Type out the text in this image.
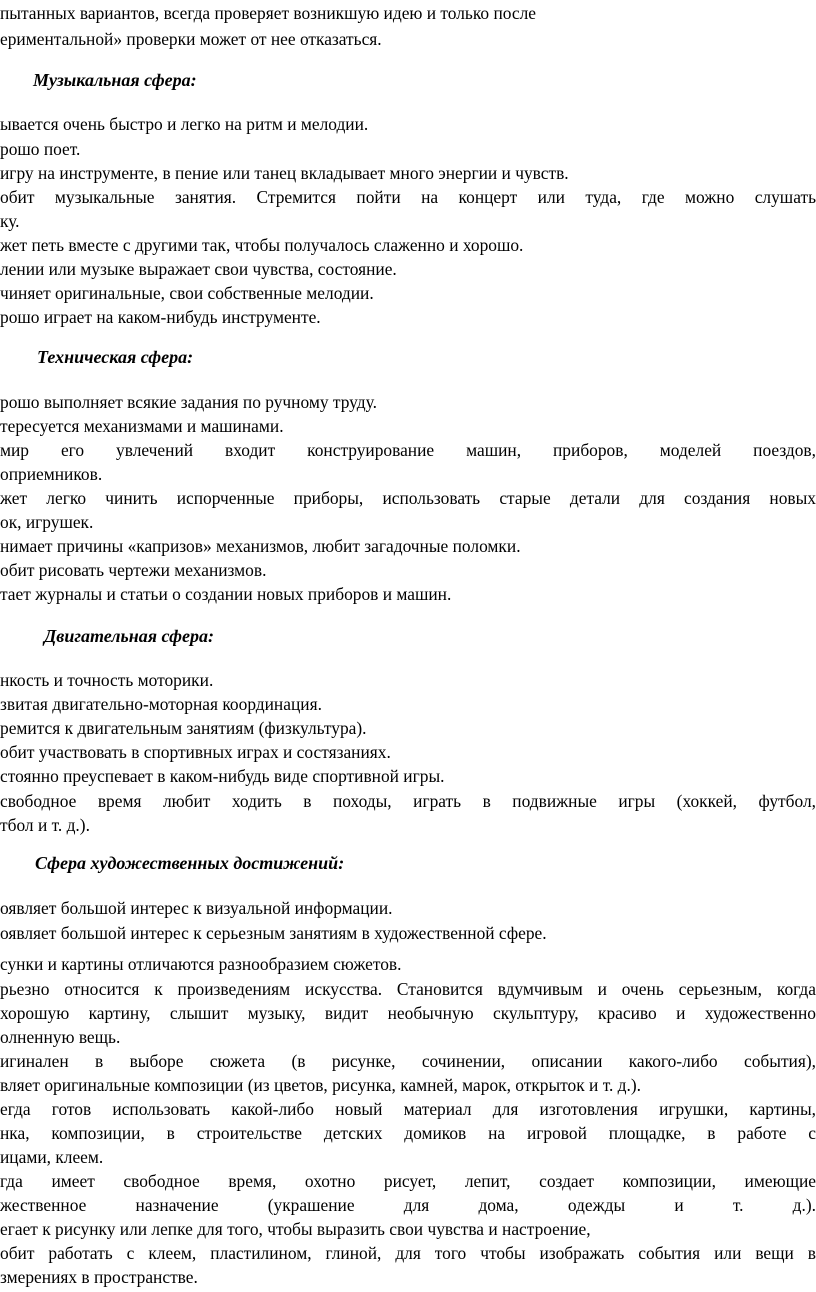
пытанных вариантов, всегда проверяет возникшую идею и только после
ериментальной» проверки может от нее отказаться.
Музыкальная сфера:
ывается очень быстро и легко на ритм и мелодии.
рошо поет.
игру на инструменте, в пение или танец вкладывает много энергии и чувств.
обит музыкальные занятия. Стремится пойти на концерт или туда, где можно слушать
ку.
жет петь вместе с другими так, чтобы получалось слаженно и хорошо.
лении или музыке выражает свои чувства, состояние.
чиняет оригинальные, свои собственные мелодии.
рошо играет на каком-нибудь инструменте.
Техническая сфера:
рошо выполняет всякие задания по ручному труду.
тересуется механизмами и машинами.
мир его увлечений входит конструирование машин, приборов, моделей поездов,
оприемников.
жет легко чинить испорченные приборы, использовать старые детали для создания новых
ок, игрушек.
нимает причины «капризов» механизмов, любит загадочные поломки.
обит рисовать чертежи механизмов.
тает журналы и статьи о создании новых приборов и машин.
Двигательная сфера:
нкость и точность моторики.
звитая двигательно-моторная координация.
ремится к двигательным занятиям (физкультура).
обит участвовать в спортивных играх и состязаниях.
стоянно преуспевает в каком-нибудь виде спортивной игры.
свободное время любит ходить в походы, играть в подвижные игры (хоккей, футбол,
тбол и т. д.).
Сфера художественных достижений:
оявляет большой интерес к визуальной информации.
оявляет большой интерес к серьезным занятиям в художественной сфере.
сунки и картины отличаются разнообразием сюжетов.
рьезно относится к произведениям искусства. Становится вдумчивым и очень серьезным, когда
хорошую картину, слышит музыку, видит необычную скульптуру, красиво и художественно
олненную вещь.
игинален в выборе сюжета (в рисунке, сочинении, описании какого-либо события),
вляет оригинальные композиции (из цветов, рисунка, камней, марок, открыток и т. д.).
егда готов использовать какой-либо новый материал для изготовления игрушки, картины,
нка, композиции, в строительстве детских домиков на игровой площадке, в работе с
ицами, клеем.
гда имеет свободное время, охотно рисует, лепит, создает композиции, имеющие
жественное назначение (украшение для дома, одежды и т. д.).
егает к рисунку или лепке для того, чтобы выразить свои чувства и настроение,
обит работать с клеем, пластилином, глиной, для того чтобы изображать события или вещи в
змерениях в пространстве.
